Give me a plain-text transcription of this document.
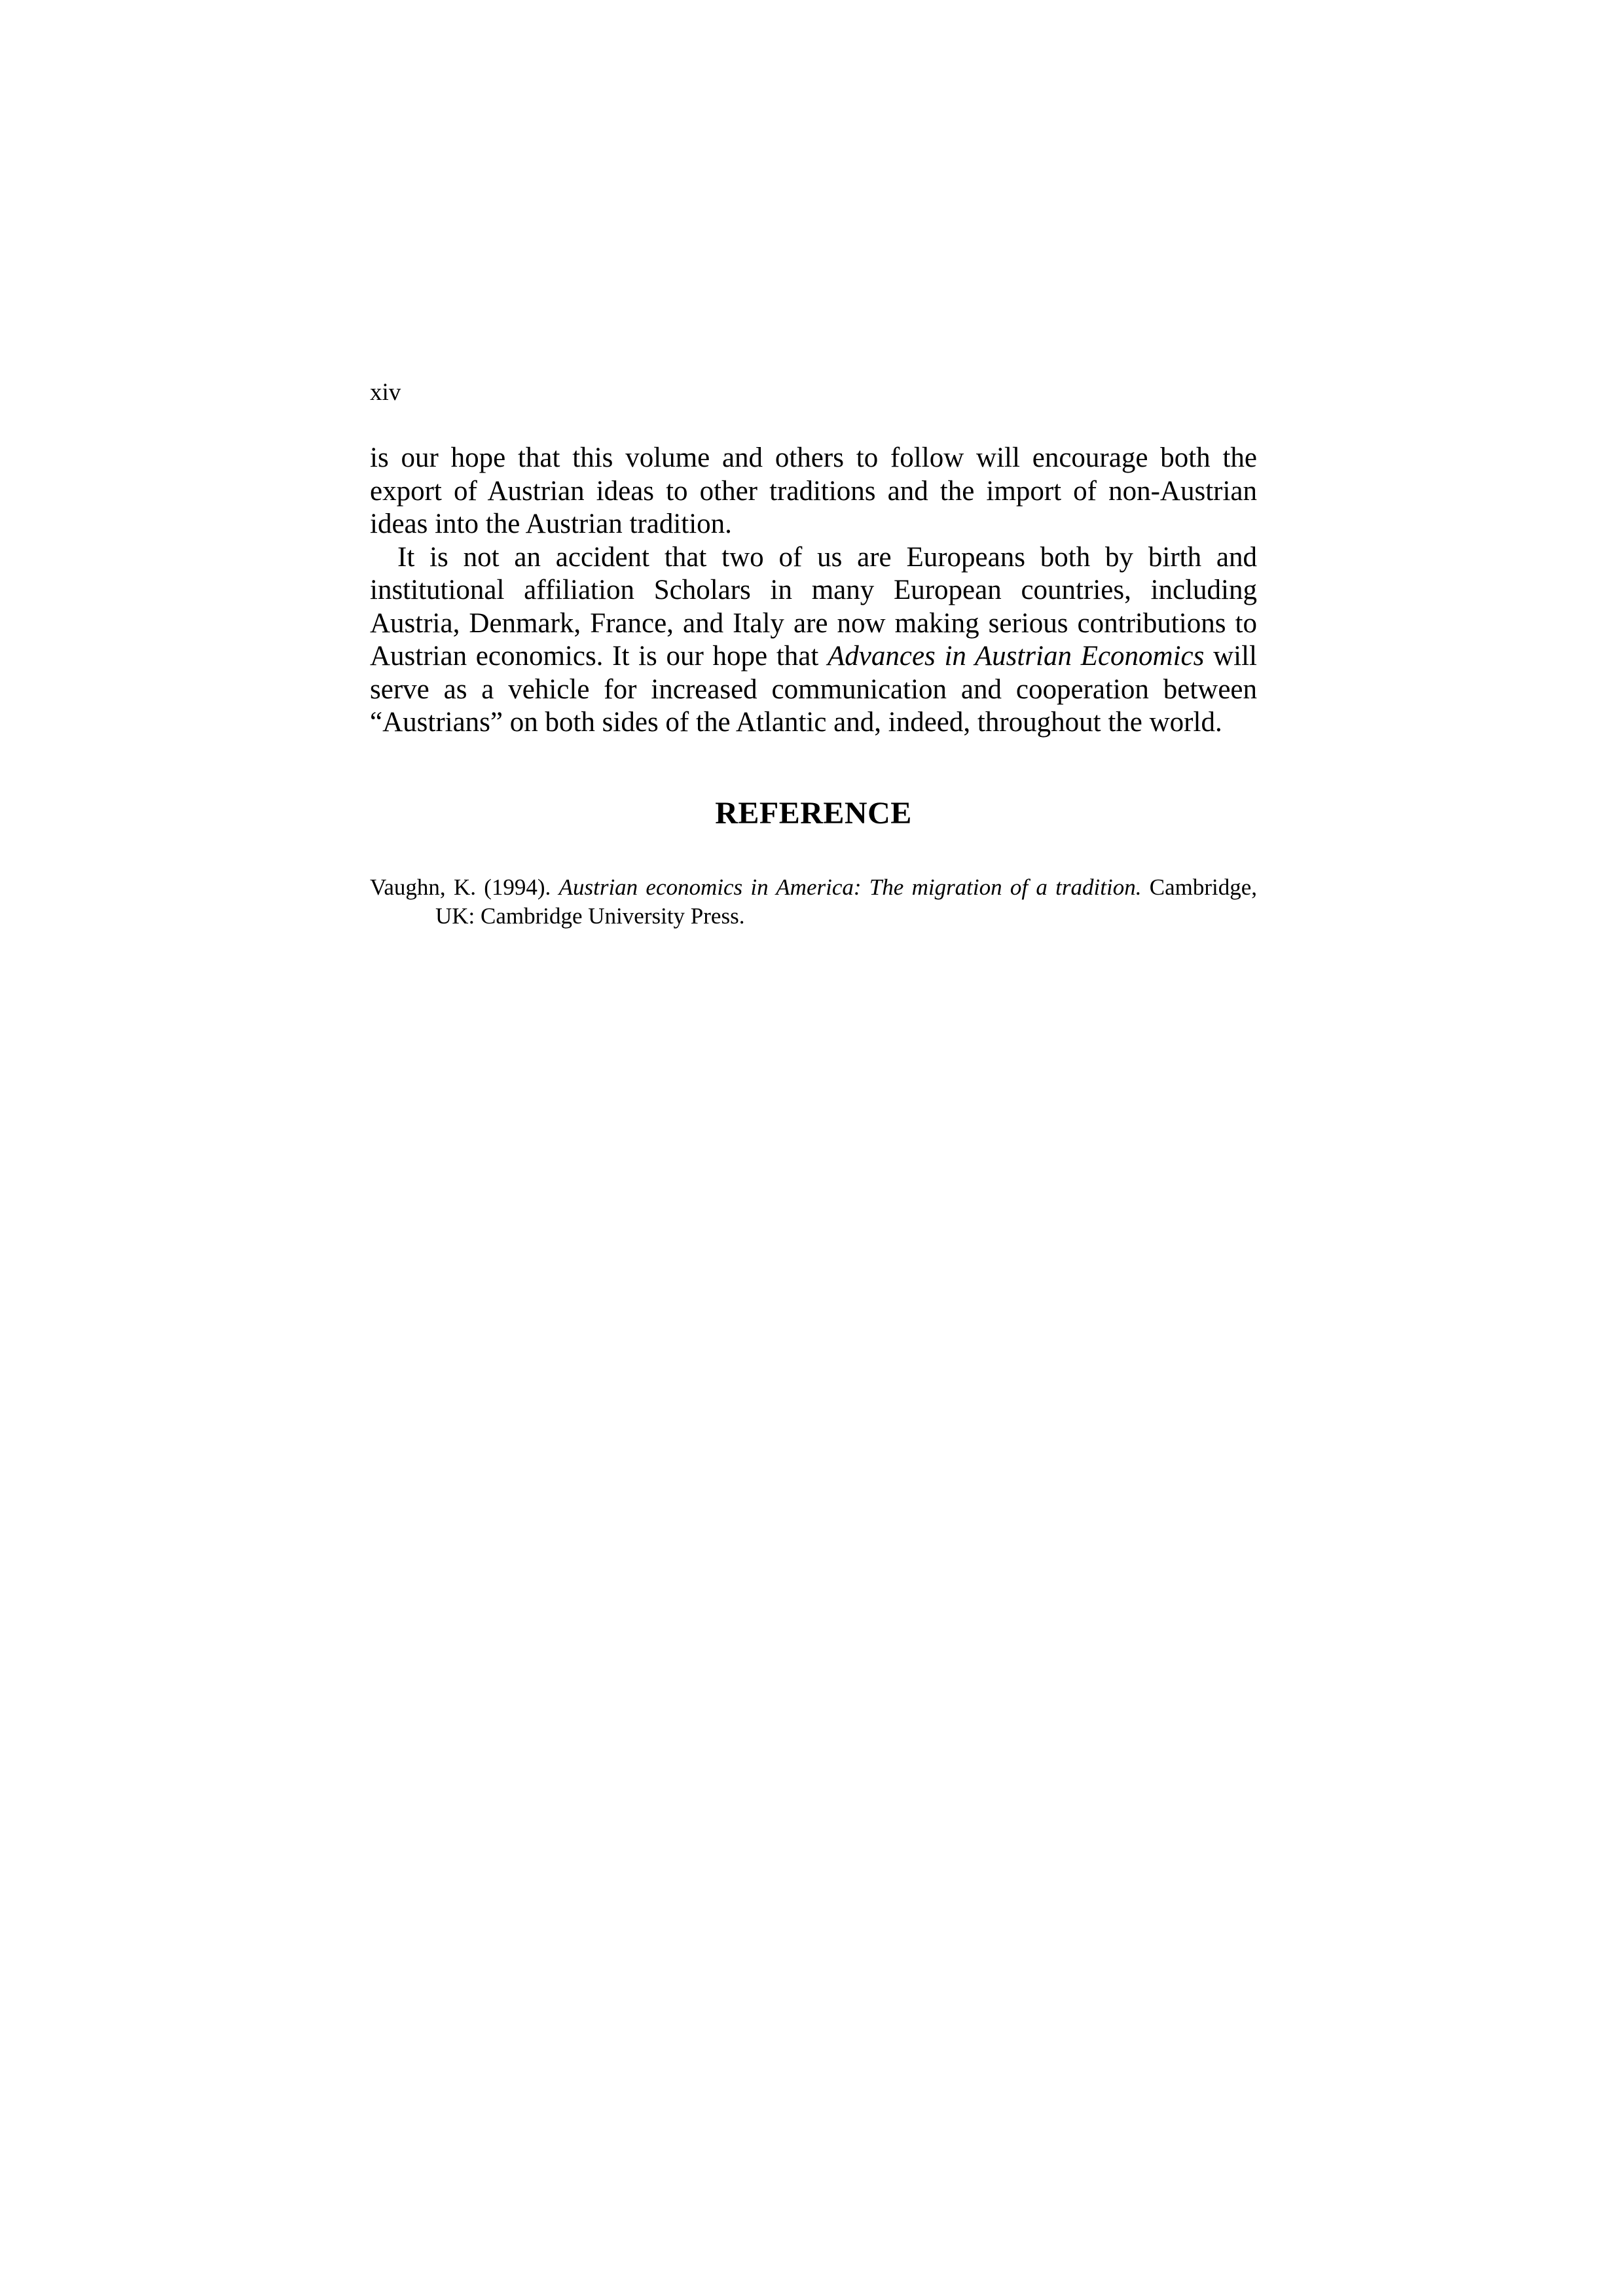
xiv

is our hope that this volume and others to follow will encourage both the export of Austrian ideas to other traditions and the import of non-Austrian ideas into the Austrian tradition.

It is not an accident that two of us are Europeans both by birth and institutional affiliation Scholars in many European countries, including Austria, Denmark, France, and Italy are now making serious contributions to Austrian economics. It is our hope that Advances in Austrian Economics will serve as a vehicle for increased communication and cooperation between “Austrians” on both sides of the Atlantic and, indeed, throughout the world.

REFERENCE
Vaughn, K. (1994). Austrian economics in America: The migration of a tradition. Cambridge, UK: Cambridge University Press.
